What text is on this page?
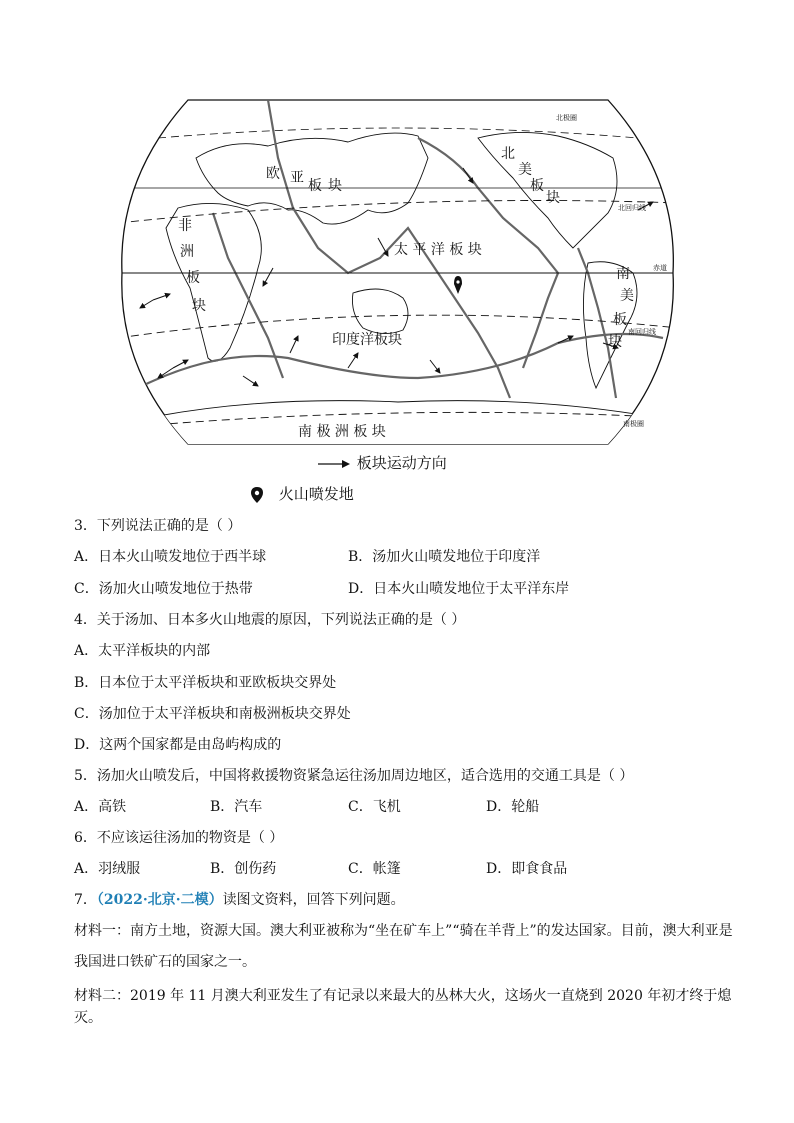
北极圈
北回归线
赤道
南回归线
南极圈
欧 亚 板 块
非
洲
板
块
北
美
板
块
南
美
板
块
太 平 洋 板 块
印度洋板块
南 极 洲 板 块
板块运动方向
火山喷发地
3．下列说法正确的是（ ）
A．日本火山喷发地位于西半球	B．汤加火山喷发地位于印度洋
C．汤加火山喷发地位于热带	D．日本火山喷发地位于太平洋东岸
4．关于汤加、日本多火山地震的原因，下列说法正确的是（ ）
A．太平洋板块的内部
B．日本位于太平洋板块和亚欧板块交界处
C．汤加位于太平洋板块和南极洲板块交界处
D．这两个国家都是由岛屿构成的
5．汤加火山喷发后，中国将救援物资紧急运往汤加周边地区，适合选用的交通工具是（ ）
A．高铁	B．汽车	C．飞机	D．轮船
6．不应该运往汤加的物资是（ ）
A．羽绒服	B．创伤药	C．帐篷	D．即食食品
7．（2022·北京·二模）读图文资料，回答下列问题。
材料一：南方土地，资源大国。澳大利亚被称为“坐在矿车上”“骑在羊背上”的发达国家。目前，澳大利亚是
我国进口铁矿石的国家之一。
材料二：2019 年 11 月澳大利亚发生了有记录以来最大的丛林大火，这场火一直烧到 2020 年初才终于熄灭。
